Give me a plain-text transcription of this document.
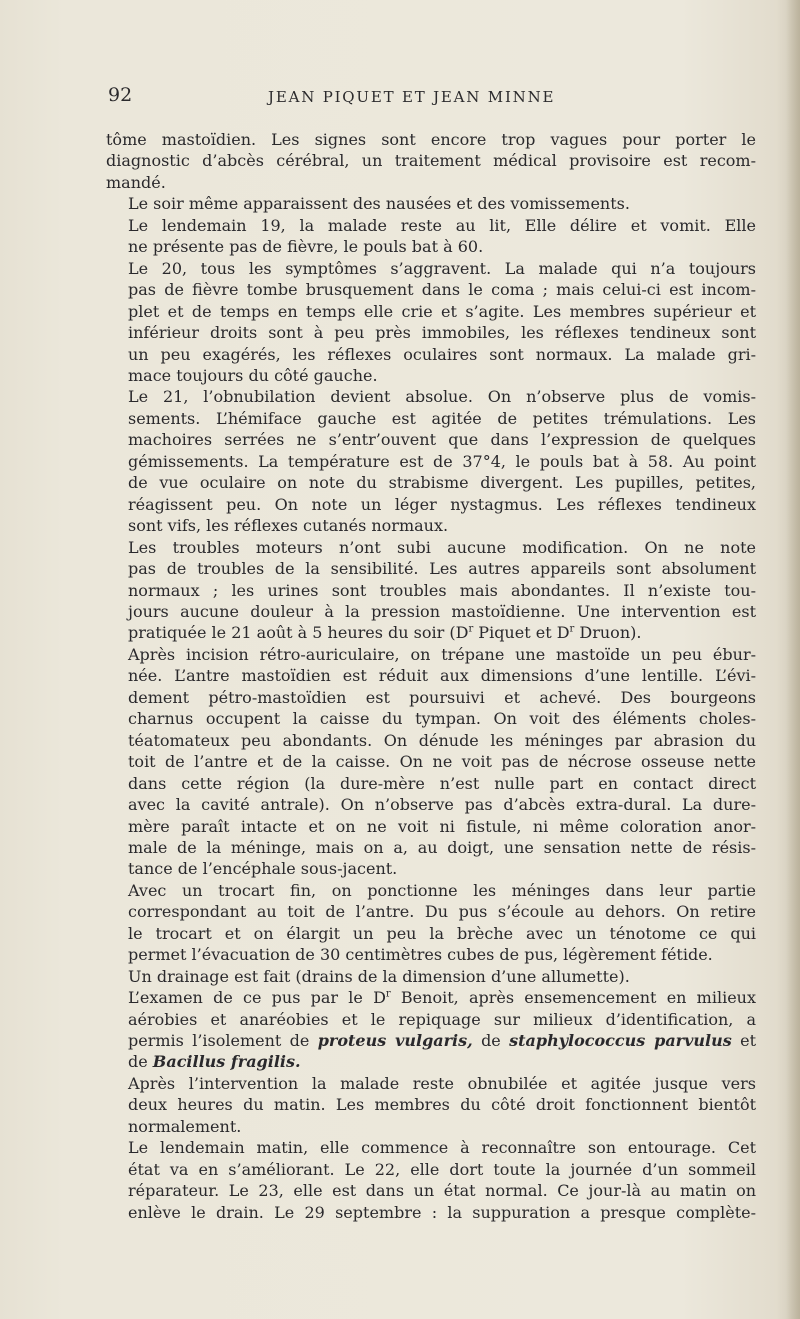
92	JEAN PIQUET ET JEAN MINNE

tôme mastoïdien. Les signes sont encore trop vagues pour porter le
diagnostic d’abcès cérébral, un traitement médical provisoire est recom-
mandé.

Le soir même apparaissent des nausées et des vomissements.

Le lendemain 19, la malade reste au lit, Elle délire et vomit. Elle
ne présente pas de fièvre, le pouls bat à 60.

Le 20, tous les symptômes s’aggravent. La malade qui n’a toujours
pas de fièvre tombe brusquement dans le coma ; mais celui-ci est incom-
plet et de temps en temps elle crie et s’agite. Les membres supérieur et
inférieur droits sont à peu près immobiles, les réflexes tendineux sont
un peu exagérés, les réflexes oculaires sont normaux. La malade gri-
mace toujours du côté gauche.

Le 21, l’obnubilation devient absolue. On n’observe plus de vomis-
sements. L’hémiface gauche est agitée de petites trémulations. Les
machoires serrées ne s’entr’ouvent que dans l’expression de quelques
gémissements. La température est de 37°4, le pouls bat à 58. Au point
de vue oculaire on note du strabisme divergent. Les pupilles, petites,
réagissent peu. On note un léger nystagmus. Les réflexes tendineux
sont vifs, les réflexes cutanés normaux.

Les troubles moteurs n’ont subi aucune modification. On ne note
pas de troubles de la sensibilité. Les autres appareils sont absolument
normaux ; les urines sont troubles mais abondantes. Il n’existe tou-
jours aucune douleur à la pression mastoïdienne. Une intervention est
pratiquée le 21 août à 5 heures du soir ($D^r$ Piquet et $D^r$ Druon).

Après incision rétro-auriculaire, on trépane une mastoïde un peu ébur-
née. L’antre mastoïdien est réduit aux dimensions d’une lentille. L’évi-
dement pétro-mastoïdien est poursuivi et achevé. Des bourgeons
charnus occupent la caisse du tympan. On voit des éléments choles-
téatomateux peu abondants. On dénude les méninges par abrasion du
toit de l’antre et de la caisse. On ne voit pas de nécrose osseuse nette
dans cette région (la dure-mère n’est nulle part en contact direct
avec la cavité antrale). On n’observe pas d’abcès extra-dural. La dure-
mère paraît intacte et on ne voit ni fistule, ni même coloration anor-
male de la méninge, mais on a, au doigt, une sensation nette de résis-
tance de l’encéphale sous-jacent.

Avec un trocart fin, on ponctionne les méninges dans leur partie
correspondant au toit de l’antre. Du pus s’écoule au dehors. On retire
le trocart et on élargit un peu la brèche avec un ténotome ce qui
permet l’évacuation de 30 centimètres cubes de pus, légèrement fétide.

Un drainage est fait (drains de la dimension d’une allumette).

L’examen de ce pus par le $D^r$ Benoit, après ensemencement en milieux
aérobies et anaréobies et le repiquage sur milieux d’identification, a
permis l’isolement de proteus vulgaris, de staphylococcus parvulus et
de Bacillus fragilis.

Après l’intervention la malade reste obnubilée et agitée jusque vers
deux heures du matin. Les membres du côté droit fonctionnent bientôt
normalement.

Le lendemain matin, elle commence à reconnaître son entourage. Cet
état va en s’améliorant. Le 22, elle dort toute la journée d’un sommeil
réparateur. Le 23, elle est dans un état normal. Ce jour-là au matin on
enlève le drain. Le 29 septembre : la suppuration a presque complète-
